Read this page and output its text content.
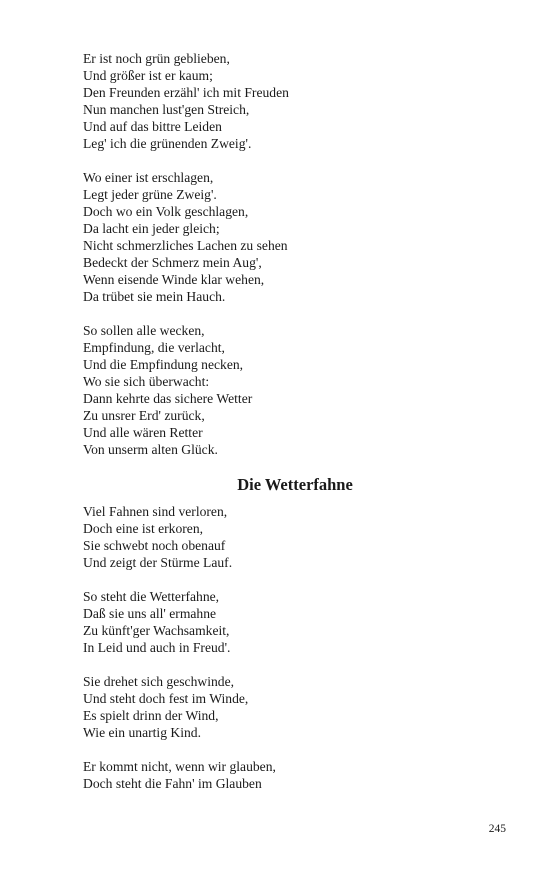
Er ist noch grün geblieben,
Und größer ist er kaum;
Den Freunden erzähl' ich mit Freuden
Nun manchen lust'gen Streich,
Und auf das bittre Leiden
Leg' ich die grünenden Zweig'.
Wo einer ist erschlagen,
Legt jeder grüne Zweig'.
Doch wo ein Volk geschlagen,
Da lacht ein jeder gleich;
Nicht schmerzliches Lachen zu sehen
Bedeckt der Schmerz mein Aug',
Wenn eisende Winde klar wehen,
Da trübet sie mein Hauch.
So sollen alle wecken,
Empfindung, die verlacht,
Und die Empfindung necken,
Wo sie sich überwacht:
Dann kehrte das sichere Wetter
Zu unsrer Erd' zurück,
Und alle wären Retter
Von unserm alten Glück.
Die Wetterfahne
Viel Fahnen sind verloren,
Doch eine ist erkoren,
Sie schwebt noch obenauf
Und zeigt der Stürme Lauf.
So steht die Wetterfahne,
Daß sie uns all' ermahne
Zu künft'ger Wachsamkeit,
In Leid und auch in Freud'.
Sie drehet sich geschwinde,
Und steht doch fest im Winde,
Es spielt drinn der Wind,
Wie ein unartig Kind.
Er kommt nicht, wenn wir glauben,
Doch steht die Fahn' im Glauben
245
